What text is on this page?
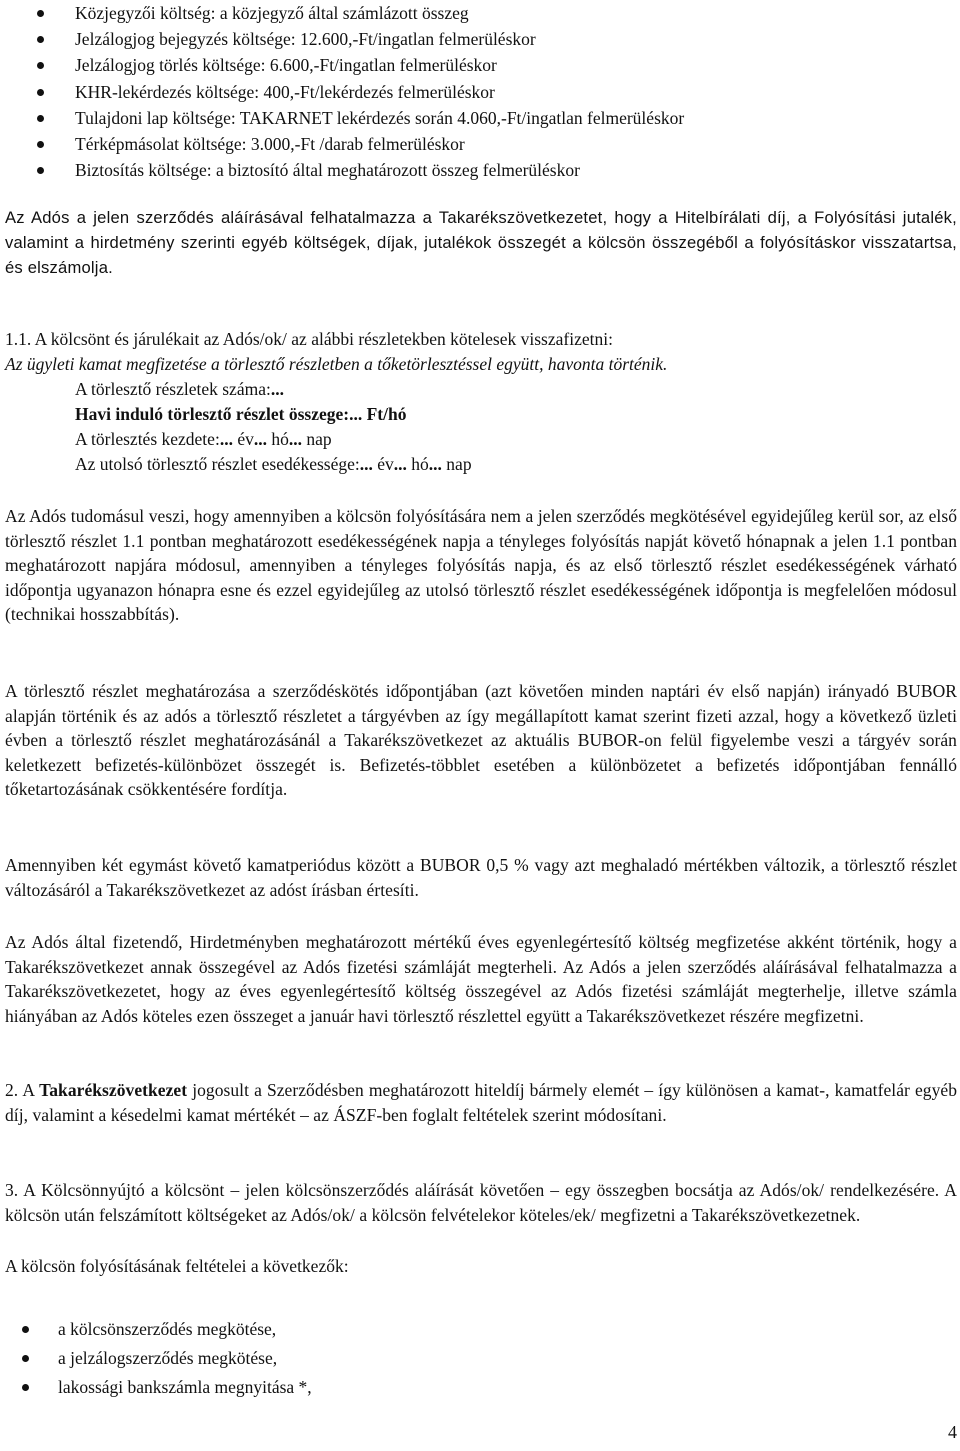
Közjegyzői költség: a közjegyző által számlázott összeg
Jelzálogjog bejegyzés költsége: 12.600,-Ft/ingatlan felmerüléskor
Jelzálogjog törlés költsége: 6.600,-Ft/ingatlan felmerüléskor
KHR-lekérdezés költsége: 400,-Ft/lekérdezés felmerüléskor
Tulajdoni lap költsége: TAKARNET lekérdezés során 4.060,-Ft/ingatlan felmerüléskor
Térképmásolat költsége: 3.000,-Ft /darab felmerüléskor
Biztosítás költsége: a biztosító által meghatározott összeg felmerüléskor

Az Adós a jelen szerződés aláírásával felhatalmazza a Takarékszövetkezetet, hogy a Hitelbírálati díj, a Folyósítási jutalék, valamint a hirdetmény szerinti egyéb költségek, díjak, jutalékok összegét a kölcsön összegéből a folyósításkor visszatartsa, és elszámolja.

1.1. A kölcsönt és járulékait az Adós/ok/ az alábbi részletekben kötelesek visszafizetni:

Az ügyleti kamat megfizetése a törlesztő részletben a tőketörlesztéssel együtt, havonta történik.

A törlesztő részletek száma:...

Havi induló törlesztő részlet összege:... Ft/hó

A törlesztés kezdete:... év... hó... nap

Az utolsó törlesztő részlet esedékessége:... év... hó... nap

Az Adós tudomásul veszi, hogy amennyiben a kölcsön folyósítására nem a jelen szerződés megkötésével egyidejűleg kerül sor, az első törlesztő részlet 1.1 pontban meghatározott esedékességének napja a tényleges folyósítás napját követő hónapnak a jelen 1.1 pontban meghatározott napjára módosul, amennyiben a tényleges folyósítás napja, és az első törlesztő részlet esedékességének várható időpontja ugyanazon hónapra esne és ezzel egyidejűleg az utolsó törlesztő részlet esedékességének időpontja is megfelelően módosul (technikai hosszabbítás).

A törlesztő részlet meghatározása a szerződéskötés időpontjában (azt követően minden naptári év első napján) irányadó BUBOR alapján történik és az adós a törlesztő részletet a tárgyévben az így megállapított kamat szerint fizeti azzal, hogy a következő üzleti évben a törlesztő részlet meghatározásánál a Takarékszövetkezet az aktuális BUBOR-on felül figyelembe veszi a tárgyév során keletkezett befizetés-különbözet összegét is. Befizetés-többlet esetében a különbözetet a befizetés időpontjában fennálló tőketartozásának csökkentésére fordítja.

Amennyiben két egymást követő kamatperiódus között a BUBOR 0,5 % vagy azt meghaladó mértékben változik, a törlesztő részlet változásáról a Takarékszövetkezet az adóst írásban értesíti.

Az Adós által fizetendő, Hirdetményben meghatározott mértékű éves egyenlegértesítő költség megfizetése akként történik, hogy a Takarékszövetkezet annak összegével az Adós fizetési számláját megterheli. Az Adós a jelen szerződés aláírásával felhatalmazza a Takarékszövetkezetet, hogy az éves egyenlegértesítő költség összegével az Adós fizetési számláját megterhelje, illetve számla hiányában az Adós köteles ezen összeget a január havi törlesztő részlettel együtt a Takarékszövetkezet részére megfizetni.

2. A Takarékszövetkezet jogosult a Szerződésben meghatározott hiteldíj bármely elemét – így különösen a kamat-, kamatfelár egyéb díj, valamint a késedelmi kamat mértékét – az ÁSZF-ben foglalt feltételek szerint módosítani.

3. A Kölcsönnyújtó a kölcsönt – jelen kölcsönszerződés aláírását követően – egy összegben bocsátja az Adós/ok/ rendelkezésére. A kölcsön után felszámított költségeket az Adós/ok/ a kölcsön felvételekor köteles/ek/ megfizetni a Takarékszövetkezetnek.

A kölcsön folyósításának feltételei a következők:

a kölcsönszerződés megkötése,
a jelzálogszerződés megkötése,
lakossági bankszámla megnyitása *,
4
